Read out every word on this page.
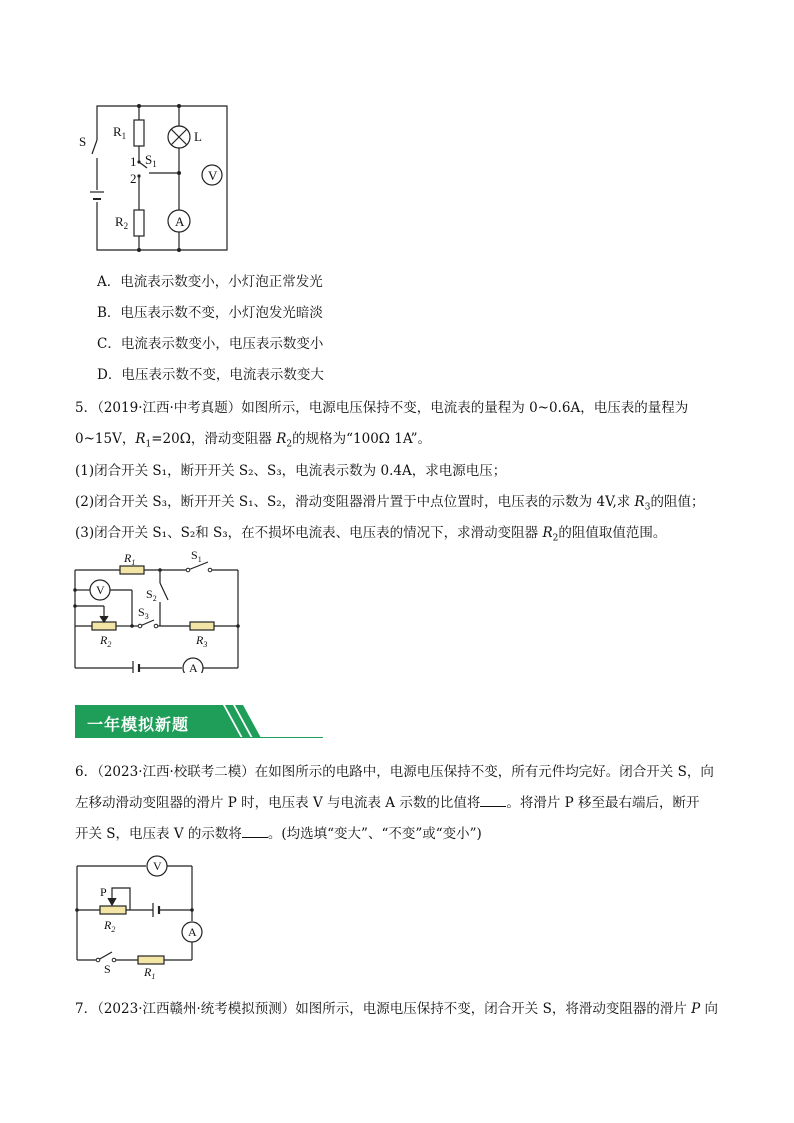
S
$R_1$	L
1
2
$S_1$
V
A
$R_2$
A．电流表示数变小，小灯泡正常发光
B．电压表示数不变，小灯泡发光暗淡
C．电流表示数变小，电压表示数变小
D．电压表示数不变，电流表示数变大
5．（2019·江西·中考真题）如图所示，电源电压保持不变，电流表的量程为 0~0.6A，电压表的量程为
0~15V，$R_1=20\Omega$，滑动变阻器 $R_2$的规格为“100Ω 1A”。
(1)闭合开关 S₁，断开开关 S₂、S₃，电流表示数为 0.4A，求电源电压；
(2)闭合开关 S₃，断开开关 S₁、S₂，滑动变阻器滑片置于中点位置时，电压表的示数为 4V,求 $R_3$的阻值；
(3)闭合开关 S₁、S₂和 S₃，在不损坏电流表、电压表的情况下，求滑动变阻器 $R_2$的阻值取值范围。
$R_1$
$R_2$	$R_3$
$S_1$
V	$S_2$
$S_3$
A
一年模拟新题
6．（2023·江西·校联考二模）在如图所示的电路中，电源电压保持不变，所有元件均完好。闭合开关 S，向
左移动滑动变阻器的滑片 P 时，电压表 V 与电流表 A 示数的比值将 。将滑片 P 移至最右端后，断开
开关 S，电压表 V 的示数将 。(均选填“变大”、“不变”或“变小”)
V
P
A
S
$R_2$
$R_1$
7．（2023·江西赣州·统考模拟预测）如图所示，电源电压保持不变，闭合开关 S，将滑动变阻器的滑片 P 向
